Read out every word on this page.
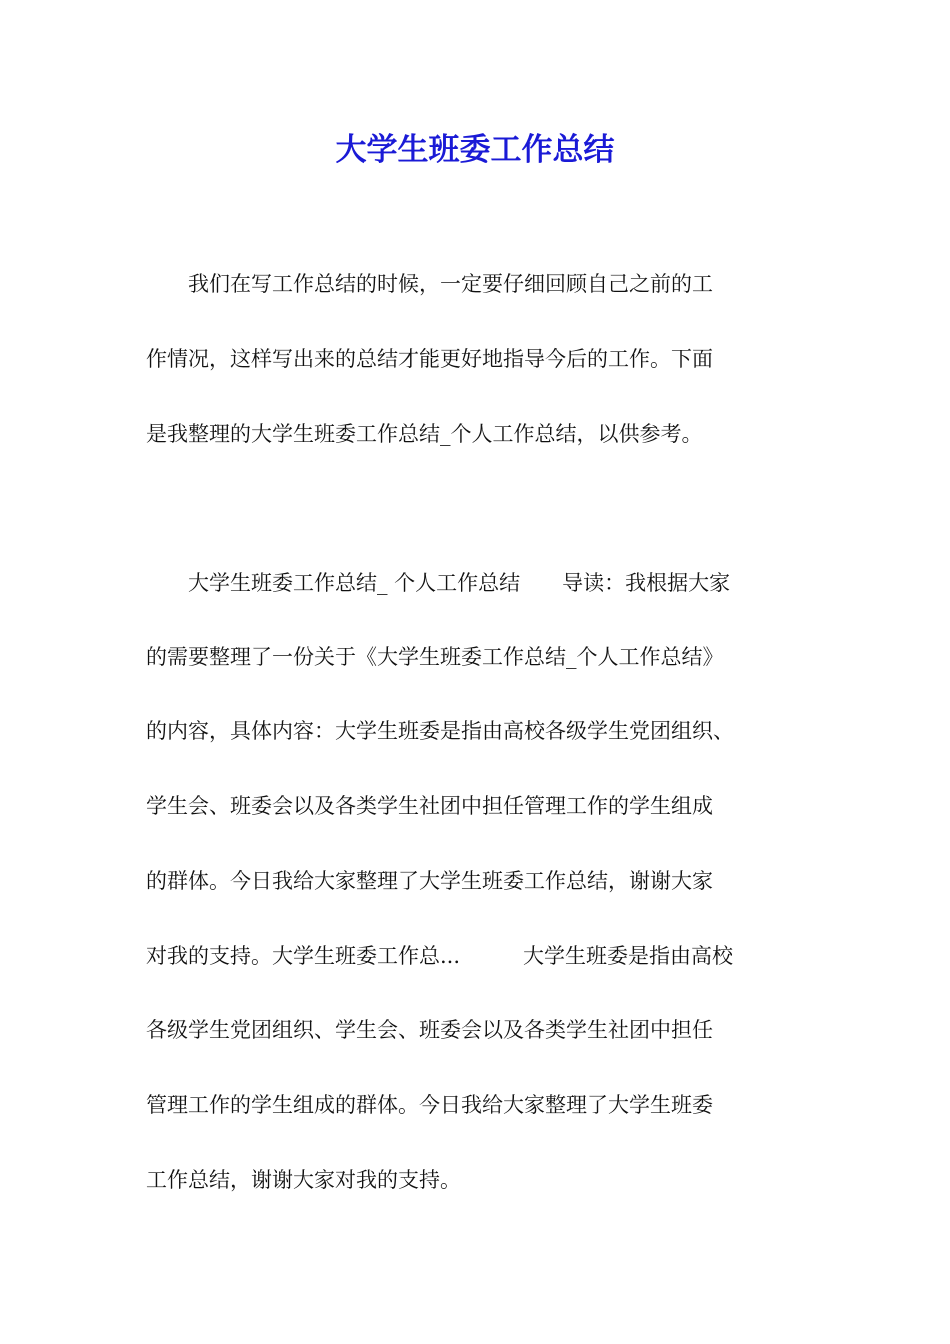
大学生班委工作总结

　　我们在写工作总结的时候，一定要仔细回顾自己之前的工

作情况，这样写出来的总结才能更好地指导今后的工作。下面

是我整理的大学生班委工作总结_个人工作总结，以供参考。

　　大学生班委工作总结_ 个人工作总结　　导读：我根据大家

的需要整理了一份关于《大学生班委工作总结_个人工作总结》

的内容，具体内容：大学生班委是指由高校各级学生党团组织、

学生会、班委会以及各类学生社团中担任管理工作的学生组成

的群体。今日我给大家整理了大学生班委工作总结，谢谢大家

对我的支持。大学生班委工作总...　　　大学生班委是指由高校

各级学生党团组织、学生会、班委会以及各类学生社团中担任

管理工作的学生组成的群体。今日我给大家整理了大学生班委

工作总结，谢谢大家对我的支持。
